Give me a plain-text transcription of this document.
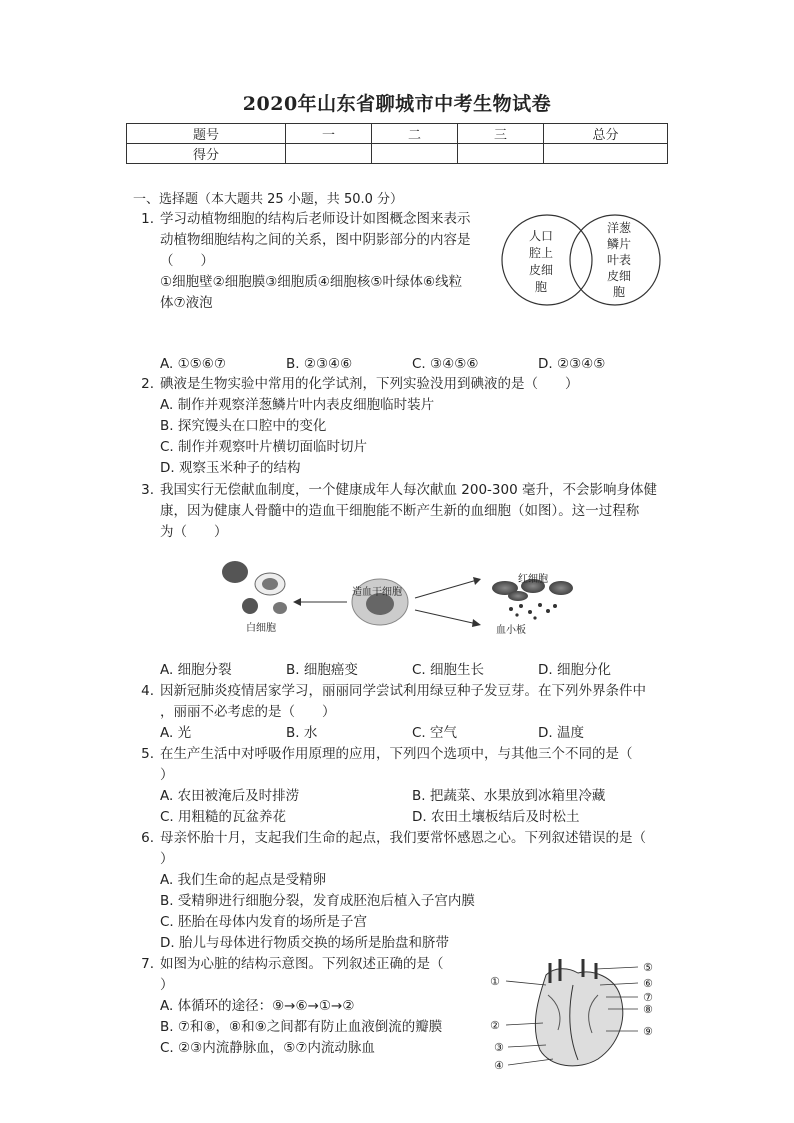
2020年山东省聊城市中考生物试卷
题号	一	二	三	总分
得分				
一、选择题（本大题共 25 小题，共 50.0 分）
1. 学习动植物细胞的结构后老师设计如图概念图来表示
动植物细胞结构之间的关系，图中阴影部分的内容是
（　　）
①细胞壁②细胞膜③细胞质④细胞核⑤叶绿体⑥线粒
体⑦液泡
人口
腔上
皮细
胞
洋葱
鳞片
叶表
皮细
胞
A. ①⑤⑥⑦	B. ②③④⑥	C. ③④⑤⑥	D. ②③④⑤
2. 碘液是生物实验中常用的化学试剂，下列实验没用到碘液的是（　　）
A. 制作并观察洋葱鳞片叶内表皮细胞临时装片
B. 探究馒头在口腔中的变化
C. 制作并观察叶片横切面临时切片
D. 观察玉米种子的结构
3. 我国实行无偿献血制度，一个健康成年人每次献血 200-300 毫升，不会影响身体健
康，因为健康人骨髓中的造血干细胞能不断产生新的血细胞（如图）。这一过程称
为（　　）
造血干细胞
白细胞
红细胞
血小板
A. 细胞分裂	B. 细胞癌变	C. 细胞生长	D. 细胞分化
4. 因新冠肺炎疫情居家学习，丽丽同学尝试利用绿豆种子发豆芽。在下列外界条件中
，丽丽不必考虑的是（　　）
A. 光	B. 水	C. 空气	D. 温度
5. 在生产生活中对呼吸作用原理的应用，下列四个选项中，与其他三个不同的是（
）
A. 农田被淹后及时排涝	B. 把蔬菜、水果放到冰箱里冷藏
C. 用粗糙的瓦盆养花	D. 农田土壤板结后及时松土
6. 母亲怀胎十月，支起我们生命的起点，我们要常怀感恩之心。下列叙述错误的是（
）
A. 我们生命的起点是受精卵
B. 受精卵进行细胞分裂，发育成胚泡后植入子宫内膜
C. 胚胎在母体内发育的场所是子宫
D. 胎儿与母体进行物质交换的场所是胎盘和脐带
7. 如图为心脏的结构示意图。下列叙述正确的是（
）
A. 体循环的途径：⑨→⑥→①→②
B. ⑦和⑧，⑧和⑨之间都有防止血液倒流的瓣膜
C. ②③内流静脉血，⑤⑦内流动脉血
①
②
③
④
⑤
⑥
⑦
⑧
⑨
